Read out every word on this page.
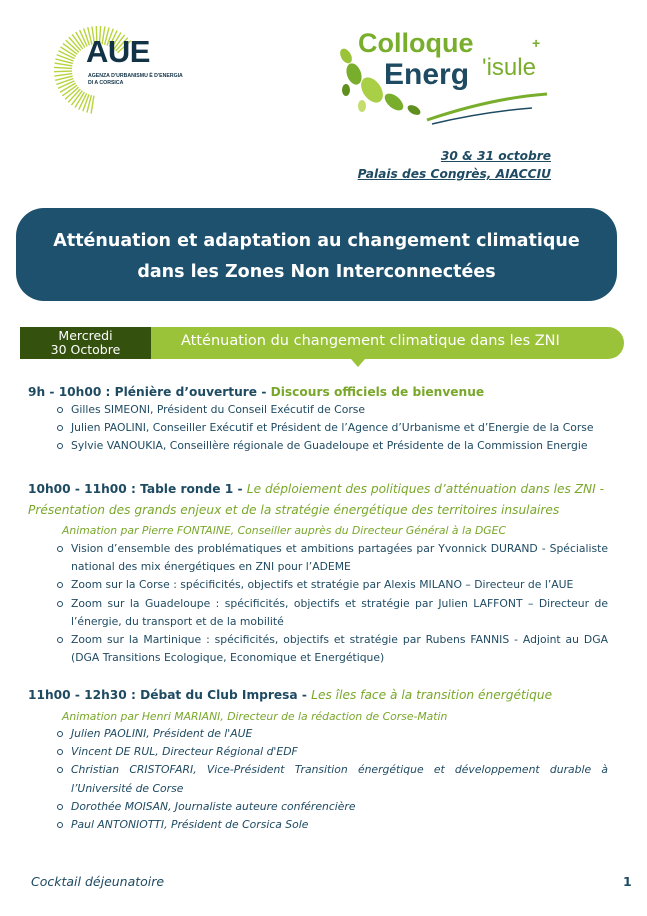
AUE
AGENZA D'URBANISMU È D'ENERGIA DI A CORSICA
Colloque
Energ 'isule
+
30 & 31 octobre
Palais des Congrès, AIACCIU
Atténuation et adaptation au changement climatique
dans les Zones Non Interconnectées
Mercredi
30 Octobre
Atténuation du changement climatique dans les ZNI
9h - 10h00 : Plénière d’ouverture - Discours officiels de bienvenue
Gilles SIMEONI, Président du Conseil Exécutif de Corse
Julien PAOLINI, Conseiller Exécutif et Président de l’Agence d’Urbanisme et d’Energie de la Corse
Sylvie VANOUKIA, Conseillère régionale de Guadeloupe et Présidente de la Commission Energie
10h00 - 11h00 : Table ronde 1 - Le déploiement des politiques d’atténuation dans les ZNI -
Présentation des grands enjeux et de la stratégie énergétique des territoires insulaires
Animation par Pierre FONTAINE, Conseiller auprès du Directeur Général à la DGEC
Vision d’ensemble des problématiques et ambitions partagées par Yvonnick DURAND - Spécialiste national des mix énergétiques en ZNI pour l’ADEME
Zoom sur la Corse : spécificités, objectifs et stratégie par Alexis MILANO – Directeur de l’AUE
Zoom sur la Guadeloupe : spécificités, objectifs et stratégie par Julien LAFFONT – Directeur de l’énergie, du transport et de la mobilité
Zoom sur la Martinique : spécificités, objectifs et stratégie par Rubens FANNIS - Adjoint au DGA (DGA Transitions Ecologique, Economique et Energétique)
11h00 - 12h30 : Débat du Club Impresa - Les îles face à la transition énergétique
Animation par Henri MARIANI, Directeur de la rédaction de Corse-Matin
Julien PAOLINI, Président de l'AUE
Vincent DE RUL, Directeur Régional d'EDF
Christian CRISTOFARI, Vice-Président Transition énergétique et développement durable à l’Université de Corse
Dorothée MOISAN, Journaliste auteure conférencière
Paul ANTONIOTTI, Président de Corsica Sole
Cocktail déjeunatoire	1
